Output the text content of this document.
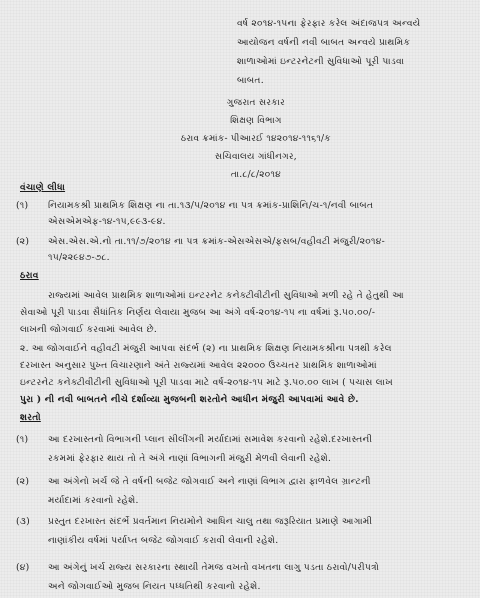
વર્ષ ૨૦૧૪-૧૫ના ફેરફાર કરેલ અંદાજપત્ર અન્વયે
આયોજન વર્ષની નવી બાબત અન્વયે પ્રાથમિક
શાળાઓમાં ઇન્ટરનેટની સુવિધાઓ પૂરી પાડવા
બાબત.
ગુજરાત સરકાર
શિક્ષણ વિભાગ
ઠરાવ ક્રમાંક- પીઆરઈ ૧૪૨૦૧૪-૧૧૬૧/ક
સચિવાલય ગાંધીનગર,
તા.૮/૮/૨૦૧૪
વંચાણે લીધા
(૧) નિયામકશ્રી પ્રાથમિક શિક્ષણ ના તા.૧૩/૫/૨૦૧૪ ના પત્ર ક્રમાંક-પ્રાશિનિ/ચ-૧/નવી બાબત
એસએમએફ-૧૪-૧૫,૯૯૩-૯૪.
(૨) એસ.એસ.એ.નો તા.૧૧/૭/૨૦૧૪ ના પત્ર ક્રમાંક-એસએસએ/ફસબ/વહીવટી મંજુરી/૨૦૧૪-
૧૫/૨૨૯૪૭-૭૮.
ઠરાવ
રાજ્યમાં આવેલ પ્રાથમિક શાળાઓમાં ઇન્ટરનેટ કનેક્ટીવીટીની સુવિધાઓ મળી રહે તે હેતુથી આ
સેવાઓ પૂરી પાડવા સૈધાંતિક નિર્ણય લેવાયા મુજબ આ અંગે વર્ષ-૨૦૧૪-૧૫ ના વર્ષમાં રૂ.૫૦.૦૦/-
લાખની જોગવાઈ કરવામાં આવેલ છે.
૨. આ જોગવાઈને વહીવટી મંજુરી આપવા સંદર્ભ (૨) ના પ્રાથમિક શિક્ષણ નિયામકશ્રીના પત્રથી કરેલ
દરખાસ્ત અનુસાર પુખ્ત વિચારણાને અંતે રાજ્યમાં આવેલ ૨૨૦૦૦ ઉચ્ચતર પ્રાથમિક શાળાઓમાં
ઇન્ટરનેટ કનેક્ટીવીટીની સુવિધાઓ પૂરી પાડવા માટે વર્ષ-૨૦૧૪-૧૫ માટે રૂ.૫૦.૦૦ લાખ ( પચાસ લાખ
પુરા ) ની નવી બાબતને નીચે દર્શાવ્યા મુજબની શરતોને આધીન મંજુરી આપવામાં આવે છે.
શરતો
(૧) આ દરખાસ્તનો વિભાગની પ્લાન સીલીંગની મર્યાદામાં સમાવેશ કરવાનો રહેશે.દરખાસ્તની
રકમમાં ફેરફાર થાય તો તે અંગે નાણાં વિભાગની મંજુરી મેળવી લેવાની રહેશે.
(૨) આ અંગેનો ખર્ચ જે તે વર્ષની બજેટ જોગવાઈ અને નાણાં વિભાગ દ્વારા ફાળવેલ ગ્રાન્ટની
મર્યાદામાં કરવાનો રહેશે.
(૩) પ્રસ્તુત દરખાસ્ત સંદર્ભે પ્રવર્તમાન નિયમોને આધિન ચાલુ તથા જરૂરિયાત પ્રમાણે આગામી
નાણાંકીય વર્ષમાં પર્યાપ્ત બજેટ જોગવાઈ કરાવી લેવાની રહેશે.
(૪) આ અંગેનું ખર્ચ રાજ્ય સરકારના સ્થાયી તેમજ વખતો વખતના લાગુ પડતા ઠરાવો/પરીપત્રો
અને જોગવાઈઓ મુજબ નિયત પધ્ધતિથી કરવાનો રહેશે.
